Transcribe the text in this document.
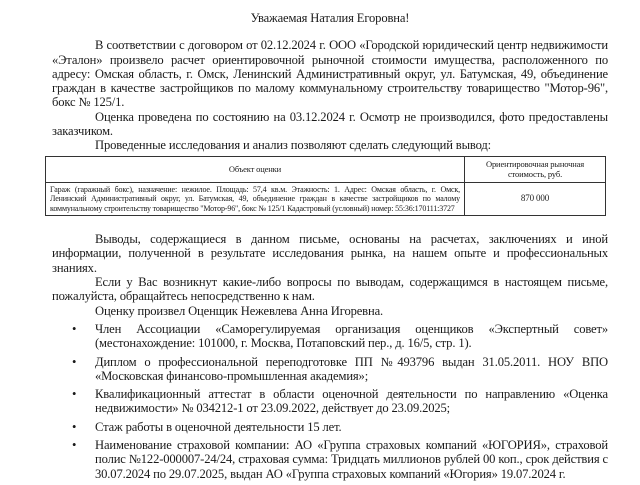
Уважаемая Наталия Егоровна!

В соответствии с договором от 02.12.2024 г. ООО «Городской юридический центр недвижимости «Эталон» произвело расчет ориентировочной рыночной стоимости имущества, расположенного по адресу: Омская область, г. Омск, Ленинский Административный округ, ул. Батумская, 49, объединение граждан в качестве застройщиков по малому коммунальному строительству товарищество "Мотор-96", бокс № 125/1.

Оценка проведена по состоянию на 03.12.2024 г. Осмотр не производился, фото предоставлены заказчиком.

Проведенные исследования и анализ позволяют сделать следующий вывод:

Объект оценки	Ориентировочная рыночная стоимость, руб.
Гараж (гаражный бокс), назначение: нежилое. Площадь: 57,4 кв.м. Этажность: 1. Адрес: Омская область, г. Омск, Ленинский Административный округ, ул. Батумская, 49, объединение граждан в качестве застройщиков по малому коммунальному строительству товарищество "Мотор-96", бокс № 125/1 Кадастровый (условный) номер: 55:36:170111:3727	870 000

Выводы, содержащиеся в данном письме, основаны на расчетах, заключениях и иной информации, полученной в результате исследования рынка, на нашем опыте и профессиональных знаниях.

Если у Вас возникнут какие-либо вопросы по выводам, содержащимся в настоящем письме, пожалуйста, обращайтесь непосредственно к нам.

Оценку произвел Оценщик Нежевлева Анна Игоревна.

• Член Ассоциации «Саморегулируемая организация оценщиков «Экспертный совет» (местонахождение: 101000, г. Москва, Потаповский пер., д. 16/5, стр. 1).
• Диплом о профессиональной переподготовке ПП №493796 выдан 31.05.2011. НОУ ВПО «Московская финансово-промышленная академия»;
• Квалификационный аттестат в области оценочной деятельности по направлению «Оценка недвижимости» № 034212-1 от 23.09.2022, действует до 23.09.2025;
• Стаж работы в оценочной деятельности 15 лет.
• Наименование страховой компании: АО «Группа страховых компаний «ЮГОРИЯ», страховой полис №122-000007-24/24, страховая сумма: Тридцать миллионов рублей 00 коп., срок действия с 30.07.2024 по 29.07.2025, выдан АО «Группа страховых компаний «Югория» 19.07.2024 г.
